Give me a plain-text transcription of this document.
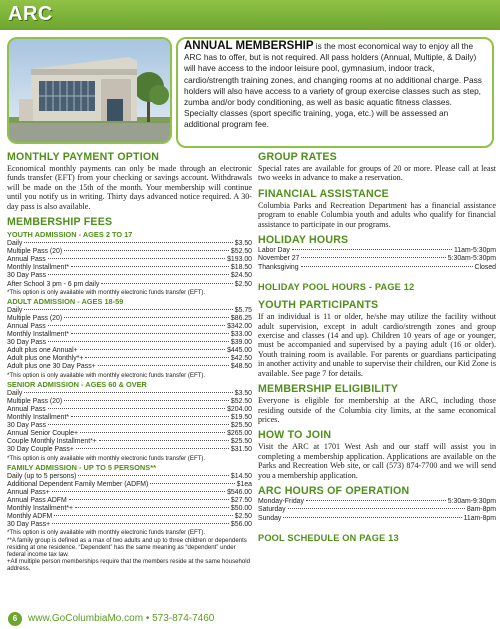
ARC
ANNUAL MEMBERSHIP is the most economical way to enjoy all the ARC has to offer, but is not required. All pass holders (Annual, Multiple, & Daily) will have access to the indoor leisure pool, gymnasium, indoor track, cardio/strength training zones, and changing rooms at no additional charge. Pass holders will also have access to a variety of group exercise classes such as step, zumba and/or body conditioning, as well as basic aquatic fitness classes. Specialty classes (sport specific training, yoga, etc.) will be assessed an additional program fee.
MONTHLY PAYMENT OPTION
Economical monthly payments can only be made through an electronic funds transfer (EFT) from your checking or savings account. Withdrawals will be made on the 15th of the month. Your membership will continue until you notify us in writing. Thirty days advanced notice required. A 30-day pass is also available.
MEMBERSHIP FEES
YOUTH ADMISSION - AGES 2 TO 17
Daily	$3.50
Multiple Pass (20)	$52.50
Annual Pass	$193.00
Monthly Installment*	$18.50
30 Day Pass	$24.50
After School 3 pm - 6 pm daily	$2.50
*This option is only available with monthly electronic funds transfer (EFT).
ADULT ADMISSION - AGES 18-59
Daily	$5.75
Multiple Pass (20)	$86.25
Annual Pass	$342.00
Monthly Installment*	$33.00
30 Day Pass	$39.00
Adult plus one Annual+	$445.00
Adult plus one Monthly*+	$42.50
Adult plus one 30 Day Pass+	$48.50
*This option is only available with monthly electronic funds transfer (EFT).
SENIOR ADMISSION - AGES 60 & OVER
Daily	$3.50
Multiple Pass (20)	$52.50
Annual Pass	$204.00
Monthly Installment*	$19.50
30 Day Pass	$25.50
Annual Senior Couple+	$265.00
Couple Monthly Installment*+	$25.50
30 Day Couple Pass+	$31.50
*This option is only available with monthly electronic funds transfer (EFT).
FAMILY ADMISSION - UP TO 5 PERSONS**
Daily (up to 5 persons)	$14.50
Additional Dependent Family Member (ADFM)	$1ea
Annual Pass+	$546.00
Annual Pass ADFM	$27.50
Monthly Installment*+	$50.00
Monthly ADFM	$2.50
30 Day Pass+	$56.00
*This option is only available with monthly electronic funds transfer (EFT).
**A family group is defined as a max of two adults and up to three children or dependents residing at one residence. “Dependent” has the same meaning as “dependent” under federal income tax law.
+All multiple person memberships require that the members reside at the same household address.
GROUP RATES
Special rates are available for groups of 20 or more. Please call at least two weeks in advance to make a reservation.
FINANCIAL ASSISTANCE
Columbia Parks and Recreation Department has a financial assistance program to enable Columbia youth and adults who qualify for financial assistance to participate in our programs.
HOLIDAY HOURS
Labor Day	11am-5:30pm
November 27	5:30am-5:30pm
Thanksgiving	Closed
HOLIDAY POOL HOURS - PAGE 12
YOUTH PARTICIPANTS
If an individual is 11 or older, he/she may utilize the facility without adult supervision, except in adult cardio/strength zones and group exercise and classes (14 and up). Children 10 years of age or younger, must be accompanied and supervised by a paying adult (16 or older). Youth training room is available. For parents or guardians participating in another activity and unable to supervise their children, our Kid Zone is available. See page 7 for details.
MEMBERSHIP ELIGIBILITY
Everyone is eligible for membership at the ARC, including those residing outside of the Columbia city limits, at the same economical prices.
HOW TO JOIN
Visit the ARC at 1701 West Ash and our staff will assist you in completing a membership application. Applications are available on the Parks and Recreation Web site, or call (573) 874-7700 and we will send you a membership application.
ARC HOURS OF OPERATION
Monday-Friday	5:30am-9:30pm
Saturday	8am-8pm
Sunday	11am-8pm
POOL SCHEDULE ON PAGE 13
6	www.GoColumbiaMo.com • 573-874-7460
